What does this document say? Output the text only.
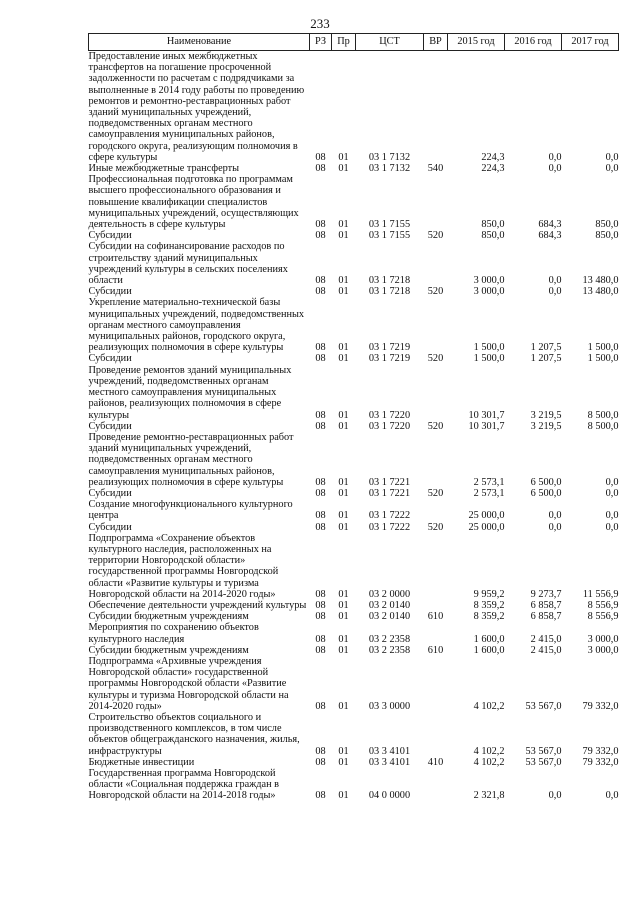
233
Наименование	РЗ	Пр	ЦСТ	ВР	2015 год	2016 год	2017 год
Предоставление иных межбюджетных трансфертов на погашение просроченной задолженности по расчетам с подрядчиками за выполненные в 2014 году работы по проведению ремонтов и ремонтно-реставрационных работ зданий муниципальных учреждений, подведомственных органам местного самоуправления муниципальных районов, городского округа, реализующим полномочия в сфере культуры	08	01	03 1 7132		224,3	0,0	0,0
Иные межбюджетные трансферты	08	01	03 1 7132	540	224,3	0,0	0,0
Профессиональная подготовка по программам высшего профессионального образования и повышение квалификации специалистов муниципальных учреждений, осуществляющих деятельность в сфере культуры	08	01	03 1 7155		850,0	684,3	850,0
Субсидии	08	01	03 1 7155	520	850,0	684,3	850,0
Субсидии на софинансирование расходов по строительству зданий муниципальных учреждений культуры в сельских поселениях области	08	01	03 1 7218		3 000,0	0,0	13 480,0
Субсидии	08	01	03 1 7218	520	3 000,0	0,0	13 480,0
Укрепление материально-технической базы муниципальных учреждений, подведомственных органам местного самоуправления муниципальных районов, городского округа, реализующих полномочия в сфере культуры	08	01	03 1 7219		1 500,0	1 207,5	1 500,0
Субсидии	08	01	03 1 7219	520	1 500,0	1 207,5	1 500,0
Проведение ремонтов зданий муниципальных учреждений, подведомственных органам местного самоуправления муниципальных районов, реализующих полномочия в сфере культуры	08	01	03 1 7220		10 301,7	3 219,5	8 500,0
Субсидии	08	01	03 1 7220	520	10 301,7	3 219,5	8 500,0
Проведение ремонтно-реставрационных работ зданий муниципальных учреждений, подведомственных органам местного самоуправления муниципальных районов, реализующих полномочия в сфере культуры	08	01	03 1 7221		2 573,1	6 500,0	0,0
Субсидии	08	01	03 1 7221	520	2 573,1	6 500,0	0,0
Создание многофункционального культурного центра	08	01	03 1 7222		25 000,0	0,0	0,0
Субсидии	08	01	03 1 7222	520	25 000,0	0,0	0,0
Подпрограмма «Сохранение объектов культурного наследия, расположенных на территории Новгородской области» государственной программы Новгородской области «Развитие культуры и туризма Новгородской области на 2014-2020 годы»	08	01	03 2 0000		9 959,2	9 273,7	11 556,9
Обеспечение деятельности учреждений культуры	08	01	03 2 0140		8 359,2	6 858,7	8 556,9
Субсидии бюджетным учреждениям	08	01	03 2 0140	610	8 359,2	6 858,7	8 556,9
Мероприятия по сохранению объектов культурного наследия	08	01	03 2 2358		1 600,0	2 415,0	3 000,0
Субсидии бюджетным учреждениям	08	01	03 2 2358	610	1 600,0	2 415,0	3 000,0
Подпрограмма «Архивные учреждения Новгородской области» государственной программы Новгородской области «Развитие культуры и туризма Новгородской области на 2014-2020 годы»	08	01	03 3 0000		4 102,2	53 567,0	79 332,0
Строительство объектов социального и производственного комплексов, в том числе объектов общегражданского назначения, жилья, инфраструктуры	08	01	03 3 4101		4 102,2	53 567,0	79 332,0
Бюджетные инвестиции	08	01	03 3 4101	410	4 102,2	53 567,0	79 332,0
Государственная программа Новгородской области «Социальная поддержка граждан в Новгородской области на 2014-2018 годы»	08	01	04 0 0000		2 321,8	0,0	0,0
